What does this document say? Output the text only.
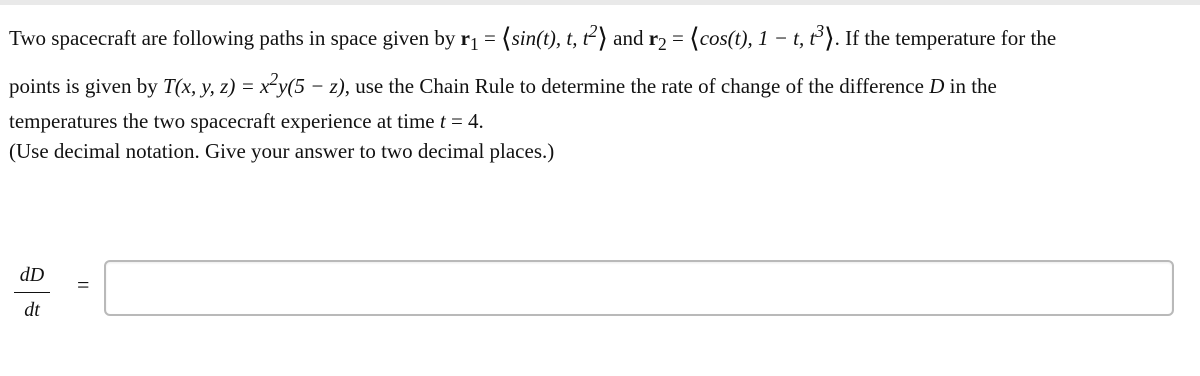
Two spacecraft are following paths in space given by $r_1$ = ⟨sin(t), t, $t^2⟩$ and $r_2$ = ⟨cos(t), 1 − t, $t^3⟩$. If the temperature for the
points is given by T(x, y, $z) = x^2y(5 - z)$, use the Chain Rule to determine the rate of change of the difference D in the
temperatures the two spacecraft experience at time t = 4.

(Use decimal notation. Give your answer to two decimal places.)
dD
dt
=
